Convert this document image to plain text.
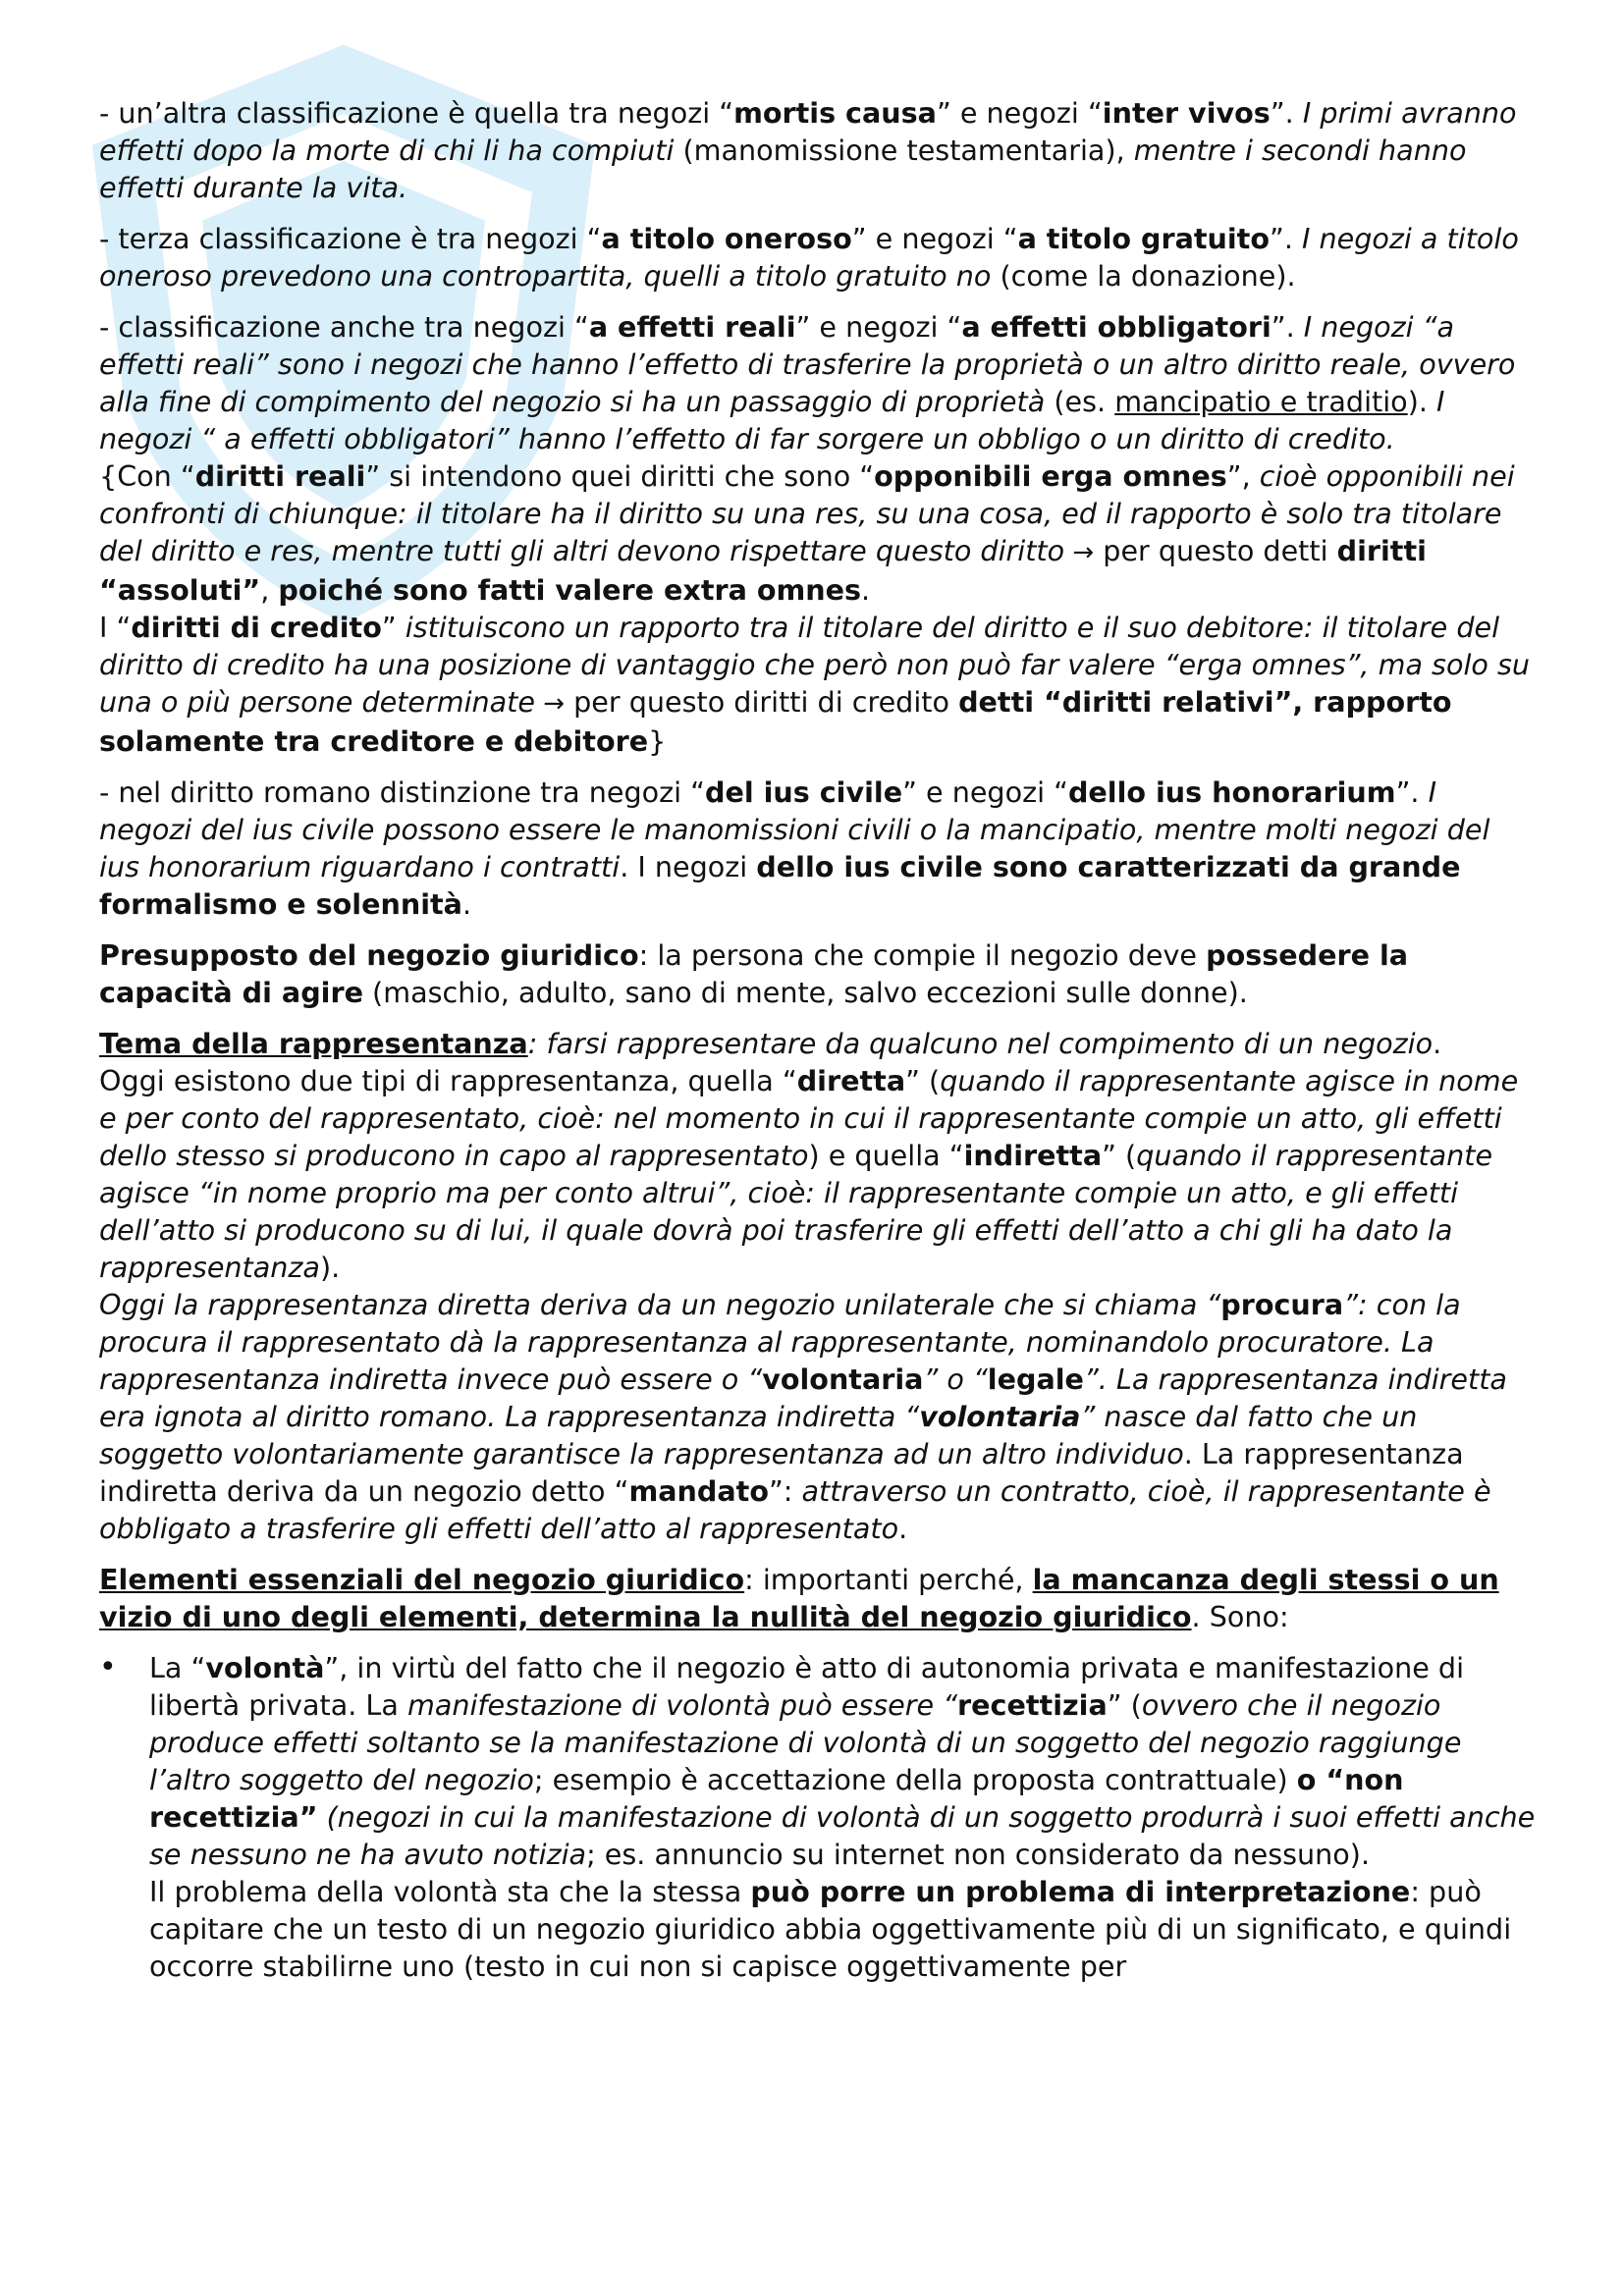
- un’altra classificazione è quella tra negozi “mortis causa” e negozi “inter vivos”. I primi avranno effetti dopo la morte di chi li ha compiuti (manomissione testamentaria), mentre i secondi hanno effetti durante la vita.

- terza classificazione è tra negozi “a titolo oneroso” e negozi “a titolo gratuito”. I negozi a titolo oneroso prevedono una contropartita, quelli a titolo gratuito no (come la donazione).

- classificazione anche tra negozi “a effetti reali” e negozi “a effetti obbligatori”. I negozi “a effetti reali” sono i negozi che hanno l’effetto di trasferire la proprietà o un altro diritto reale, ovvero alla fine di compimento del negozio si ha un passaggio di proprietà (es. mancipatio e traditio). I negozi “ a effetti obbligatori” hanno l’effetto di far sorgere un obbligo o un diritto di credito.
{Con “diritti reali” si intendono quei diritti che sono “opponibili erga omnes”, cioè opponibili nei confronti di chiunque: il titolare ha il diritto su una res, su una cosa, ed il rapporto è solo tra titolare del diritto e res, mentre tutti gli altri devono rispettare questo diritto → per questo detti diritti “assoluti”, poiché sono fatti valere extra omnes.
I “diritti di credito” istituiscono un rapporto tra il titolare del diritto e il suo debitore: il titolare del diritto di credito ha una posizione di vantaggio che però non può far valere “erga omnes”, ma solo su una o più persone determinate → per questo diritti di credito detti “diritti relativi”, rapporto solamente tra creditore e debitore}

- nel diritto romano distinzione tra negozi “del ius civile” e negozi “dello ius honorarium”. I negozi del ius civile possono essere le manomissioni civili o la mancipatio, mentre molti negozi del ius honorarium riguardano i contratti. I negozi dello ius civile sono caratterizzati da grande formalismo e solennità.

Presupposto del negozio giuridico: la persona che compie il negozio deve possedere la capacità di agire (maschio, adulto, sano di mente, salvo eccezioni sulle donne).

Tema della rappresentanza: farsi rappresentare da qualcuno nel compimento di un negozio.
Oggi esistono due tipi di rappresentanza, quella “diretta” (quando il rappresentante agisce in nome e per conto del rappresentato, cioè: nel momento in cui il rappresentante compie un atto, gli effetti dello stesso si producono in capo al rappresentato) e quella “indiretta” (quando il rappresentante agisce “in nome proprio ma per conto altrui”, cioè: il rappresentante compie un atto, e gli effetti dell’atto si producono su di lui, il quale dovrà poi trasferire gli effetti dell’atto a chi gli ha dato la rappresentanza).
Oggi la rappresentanza diretta deriva da un negozio unilaterale che si chiama “procura”: con la procura il rappresentato dà la rappresentanza al rappresentante, nominandolo procuratore. La rappresentanza indiretta invece può essere o “volontaria” o “legale”. La rappresentanza indiretta era ignota al diritto romano. La rappresentanza indiretta “volontaria” nasce dal fatto che un soggetto volontariamente garantisce la rappresentanza ad un altro individuo. La rappresentanza indiretta deriva da un negozio detto “mandato”: attraverso un contratto, cioè, il rappresentante è obbligato a trasferire gli effetti dell’atto al rappresentato.

Elementi essenziali del negozio giuridico: importanti perché, la mancanza degli stessi o un vizio di uno degli elementi, determina la nullità del negozio giuridico. Sono:

•	La “volontà”, in virtù del fatto che il negozio è atto di autonomia privata e manifestazione di libertà privata. La manifestazione di volontà può essere “recettizia” (ovvero che il negozio produce effetti soltanto se la manifestazione di volontà di un soggetto del negozio raggiunge l’altro soggetto del negozio; esempio è accettazione della proposta contrattuale) o “non recettizia” (negozi in cui la manifestazione di volontà di un soggetto produrrà i suoi effetti anche se nessuno ne ha avuto notizia; es. annuncio su internet non considerato da nessuno).
Il problema della volontà sta che la stessa può porre un problema di interpretazione: può capitare che un testo di un negozio giuridico abbia oggettivamente più di un significato, e quindi occorre stabilirne uno (testo in cui non si capisce oggettivamente per
